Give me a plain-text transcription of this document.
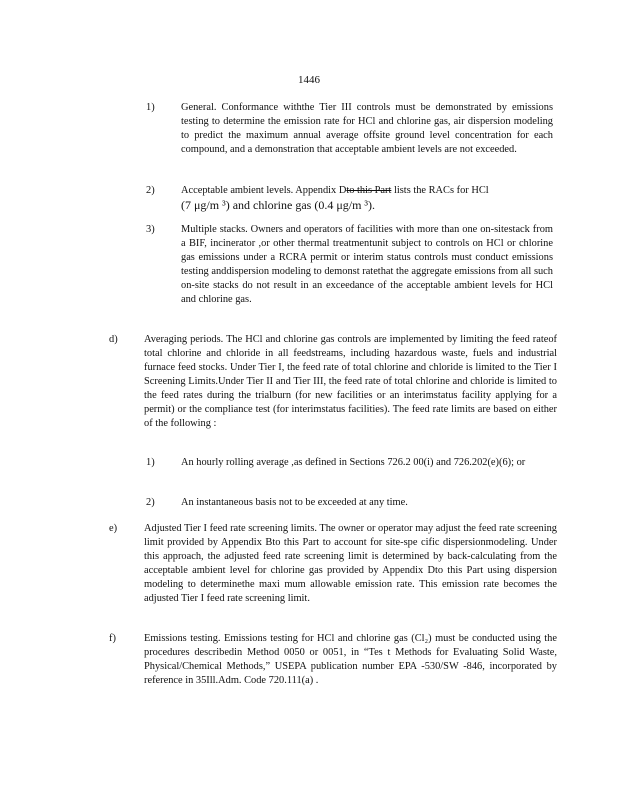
1446
1)	General. Conformance withthe Tier III controls must be demonstrated by emissions testing to determine the emission rate for HCl and chlorine gas, air dispersion modeling to predict the maximum annual average offsite ground level concentration for each compound, and a demonstration that acceptable ambient levels are not exceeded.
2)	Acceptable ambient levels. Appendix Dto this Part lists the RACs for HCl
(7 μg/m ³) and chlorine gas (0.4 μg/m ³).
3)	Multiple stacks. Owners and operators of facilities with more than one on-sitestack from a BIF, incinerator ,or other thermal treatmentunit subject to controls on HCl or chlorine gas emissions under a RCRA permit or interim status controls must conduct emissions testing anddispersion modeling to demonst ratethat the aggregate emissions from all such on-site stacks do not result in an exceedance of the acceptable ambient levels for HCl and chlorine gas.
d)	Averaging periods. The HCl and chlorine gas controls are implemented by limiting the feed rateof total chlorine and chloride in all feedstreams, including hazardous waste, fuels and industrial furnace feed stocks. Under Tier I, the feed rate of total chlorine and chloride is limited to the Tier I Screening Limits.Under Tier II and Tier III, the feed rate of total chlorine and chloride is limited to the feed rates during the trialburn (for new facilities or an interimstatus facility applying for a permit) or the compliance test (for interimstatus facilities). The feed rate limits are based on either of the following :
1)	An hourly rolling average ,as defined in Sections 726.2 00(i) and 726.202(e)(6); or
2)	An instantaneous basis not to be exceeded at any time.
e)	Adjusted Tier I feed rate screening limits. The owner or operator may adjust the feed rate screening limit provided by Appendix Bto this Part to account for site-spe cific dispersionmodeling. Under this approach, the adjusted feed rate screening limit is determined by back-calculating from the acceptable ambient level for chlorine gas provided by Appendix Dto this Part using dispersion modeling to determinethe maxi mum allowable emission rate. This emission rate becomes the adjusted Tier I feed rate screening limit.
f)	Emissions testing. Emissions testing for HCl and chlorine gas (Cl₂) must be conducted using the procedures describedin Method 0050 or 0051, in “Tes t Methods for Evaluating Solid Waste, Physical/Chemical Methods,” USEPA publication number EPA -530/SW -846, incorporated by reference in 35Ill.Adm. Code 720.111(a) .
